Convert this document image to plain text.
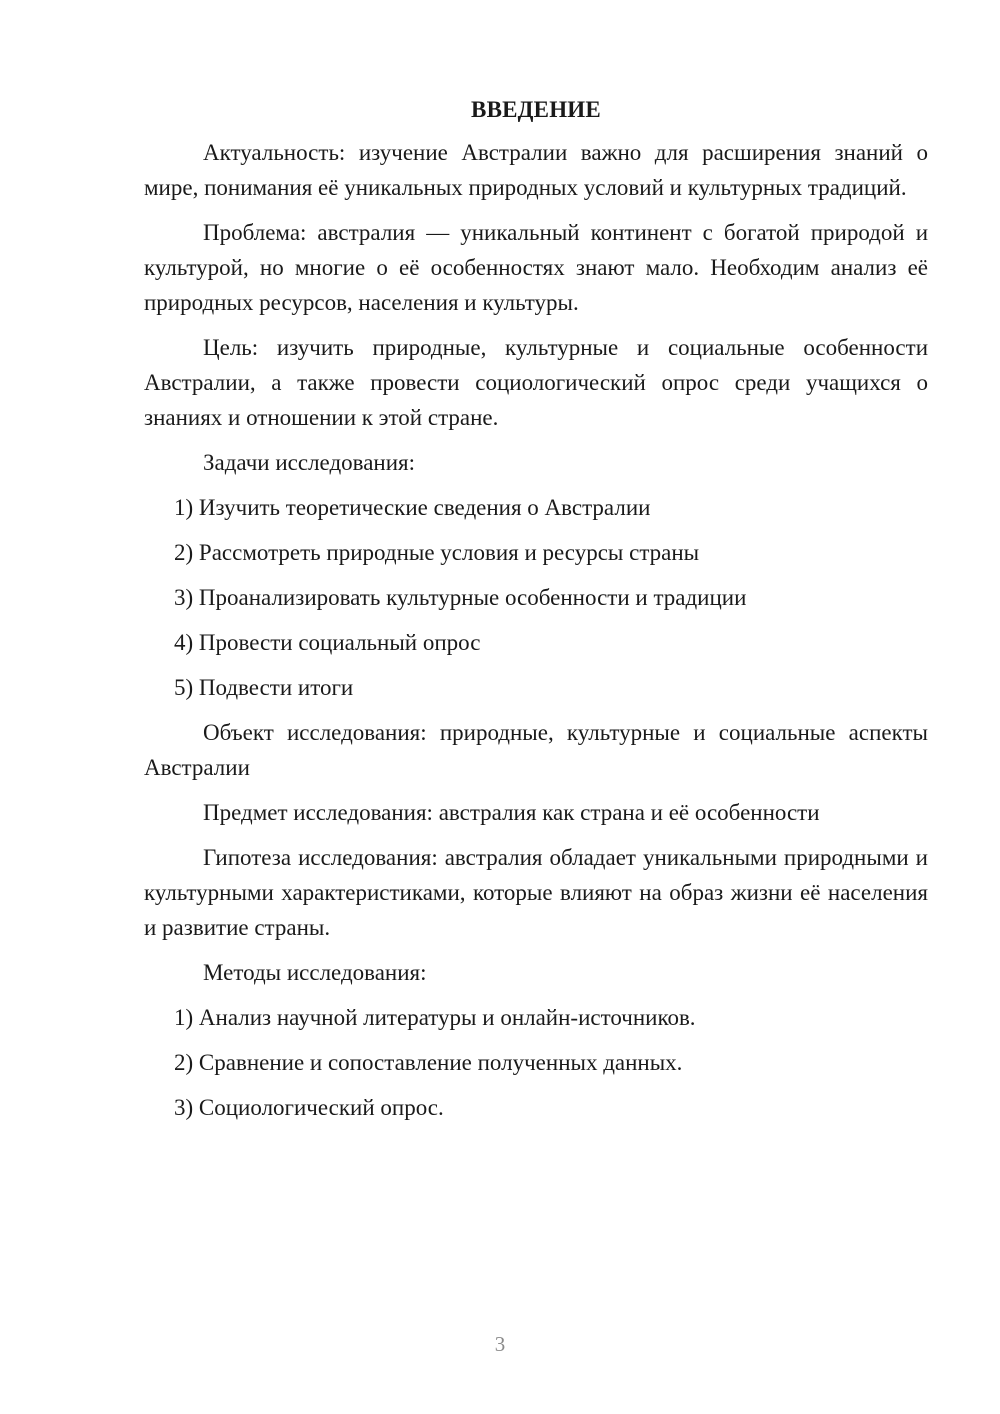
ВВЕДЕНИЕ

Актуальность: изучение Австралии важно для расширения знаний о мире, понимания её уникальных природных условий и культурных традиций.

Проблема: австралия — уникальный континент с богатой природой и культурой, но многие о её особенностях знают мало. Необходим анализ её природных ресурсов, населения и культуры.

Цель: изучить природные, культурные и социальные особенности Австралии, а также провести социологический опрос среди учащихся о знаниях и отношении к этой стране.

Задачи исследования:

1) Изучить теоретические сведения о Австралии

2) Рассмотреть природные условия и ресурсы страны

3) Проанализировать культурные особенности и традиции

4) Провести социальный опрос

5) Подвести итоги

Объект исследования: природные, культурные и социальные аспекты Австралии

Предмет исследования: австралия как страна и её особенности

Гипотеза исследования: австралия обладает уникальными природными и культурными характеристиками, которые влияют на образ жизни её населения и развитие страны.

Методы исследования:

1) Анализ научной литературы и онлайн-источников.

2) Сравнение и сопоставление полученных данных.

3) Социологический опрос.

3
